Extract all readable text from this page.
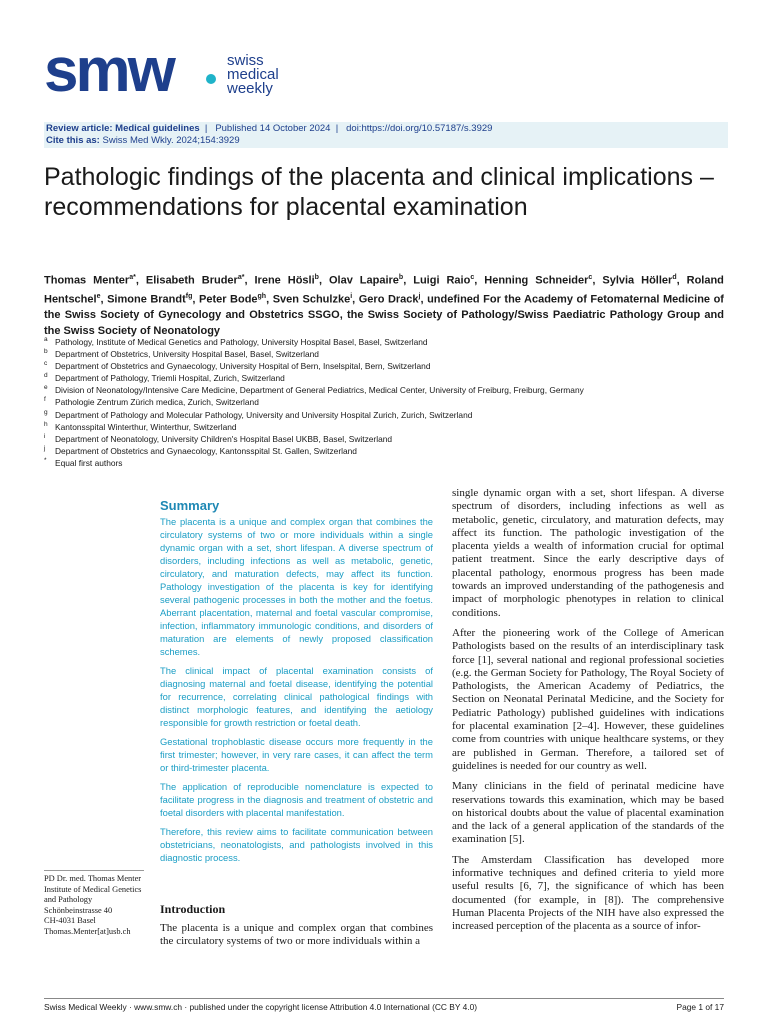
smw	swiss
medical
weekly
Review article: Medical guidelines  |   Published 14 October 2024  |   doi:https://doi.org/10.57187/s.3929
Cite this as: Swiss Med Wkly. 2024;154:3929
Pathologic findings of the placenta and clinical implications – recommendations for placental examination
Thomas Menter$^{a*}$, Elisabeth Bruder$^{a*}$, Irene Hösli$^b$, Olav Lapaire$^b$, Luigi Raio$^c$, Henning Schneider$^c$, Sylvia Höller$^d$, Roland Hentschel$^e$, Simone Brandt$^{fg}$, Peter Bode$^{gh}$, Sven Schulzke$^i$, Gero Drack$^j$, undefined For the Academy of Fetomaternal Medicine of the Swiss Society of Gynecology and Obstetrics SSGO, the Swiss Society of Pathology/Swiss Paediatric Pathology Group and the Swiss Society of Neonatology
a Pathology, Institute of Medical Genetics and Pathology, University Hospital Basel, Basel, Switzerland
b Department of Obstetrics, University Hospital Basel, Basel, Switzerland
c Department of Obstetrics and Gynaecology, University Hospital of Bern, Inselspital, Bern, Switzerland
d Department of Pathology, Triemli Hospital, Zurich, Switzerland
e Division of Neonatology/Intensive Care Medicine, Department of General Pediatrics, Medical Center, University of Freiburg, Freiburg, Germany
f Pathologie Zentrum Zürich medica, Zurich, Switzerland
g Department of Pathology and Molecular Pathology, University and University Hospital Zurich, Zurich, Switzerland
h Kantonsspital Winterthur, Winterthur, Switzerland
i Department of Neonatology, University Children's Hospital Basel UKBB, Basel, Switzerland
j Department of Obstetrics and Gynaecology, Kantonsspital St. Gallen, Switzerland
* Equal first authors
Summary

The placenta is a unique and complex organ that combines the circulatory systems of two or more individuals within a single dynamic organ with a set, short lifespan. A diverse spectrum of disorders, including infections as well as metabolic, genetic, circulatory, and maturation defects, may affect its function. Pathology investigation of the placenta is key for identifying several pathogenic processes in both the mother and the foetus. Aberrant placentation, maternal and foetal vascular compromise, infection, inflammatory immunologic conditions, and disorders of maturation are elements of newly proposed classification schemes.

The clinical impact of placental examination consists of diagnosing maternal and foetal disease, identifying the potential for recurrence, correlating clinical pathological findings with distinct morphologic features, and identifying the aetiology responsible for growth restriction or foetal death.

Gestational trophoblastic disease occurs more frequently in the first trimester; however, in very rare cases, it can affect the term or third-trimester placenta.

The application of reproducible nomenclature is expected to facilitate progress in the diagnosis and treatment of obstetric and foetal disorders with placental manifestation.

Therefore, this review aims to facilitate communication between obstetricians, neonatologists, and pathologists involved in this diagnostic process.

PD Dr. med. Thomas Menter
Institute of Medical Genetics and Pathology
Schönbeinstrasse 40
CH-4031 Basel
Thomas.Menter[at]usb.ch
Introduction

The placenta is a unique and complex organ that combines the circulatory systems of two or more individuals within a

single dynamic organ with a set, short lifespan. A diverse spectrum of disorders, including infections as well as metabolic, genetic, circulatory, and maturation defects, may affect its function. The pathologic investigation of the placenta yields a wealth of information crucial for optimal patient treatment. Since the early descriptive days of placental pathology, enormous progress has been made towards an improved understanding of the pathogenesis and impact of morphologic phenotypes in relation to clinical conditions.

After the pioneering work of the College of American Pathologists based on the results of an interdisciplinary task force [1], several national and regional professional societies (e.g. the German Society for Pathology, The Royal Society of Pathologists, the American Academy of Pediatrics, the Section on Neonatal Perinatal Medicine, and the Society for Pediatric Pathology) published guidelines with indications for placental examination [2–4]. However, these guidelines come from countries with unique healthcare systems, or they are published in German. Therefore, a tailored set of guidelines is needed for our country as well.

Many clinicians in the field of perinatal medicine have reservations towards this examination, which may be based on historical doubts about the value of placental examination and the lack of a general application of the standards of the examination [5].

The Amsterdam Classification has developed more informative techniques and defined criteria to yield more useful results [6, 7], the significance of which has been documented (for example, in [8]). The comprehensive Human Placenta Projects of the NIH have also expressed the increased perception of the placenta as a source of infor-

Swiss Medical Weekly · www.smw.ch · published under the copyright license Attribution 4.0 International (CC BY 4.0)	Page 1 of 17
